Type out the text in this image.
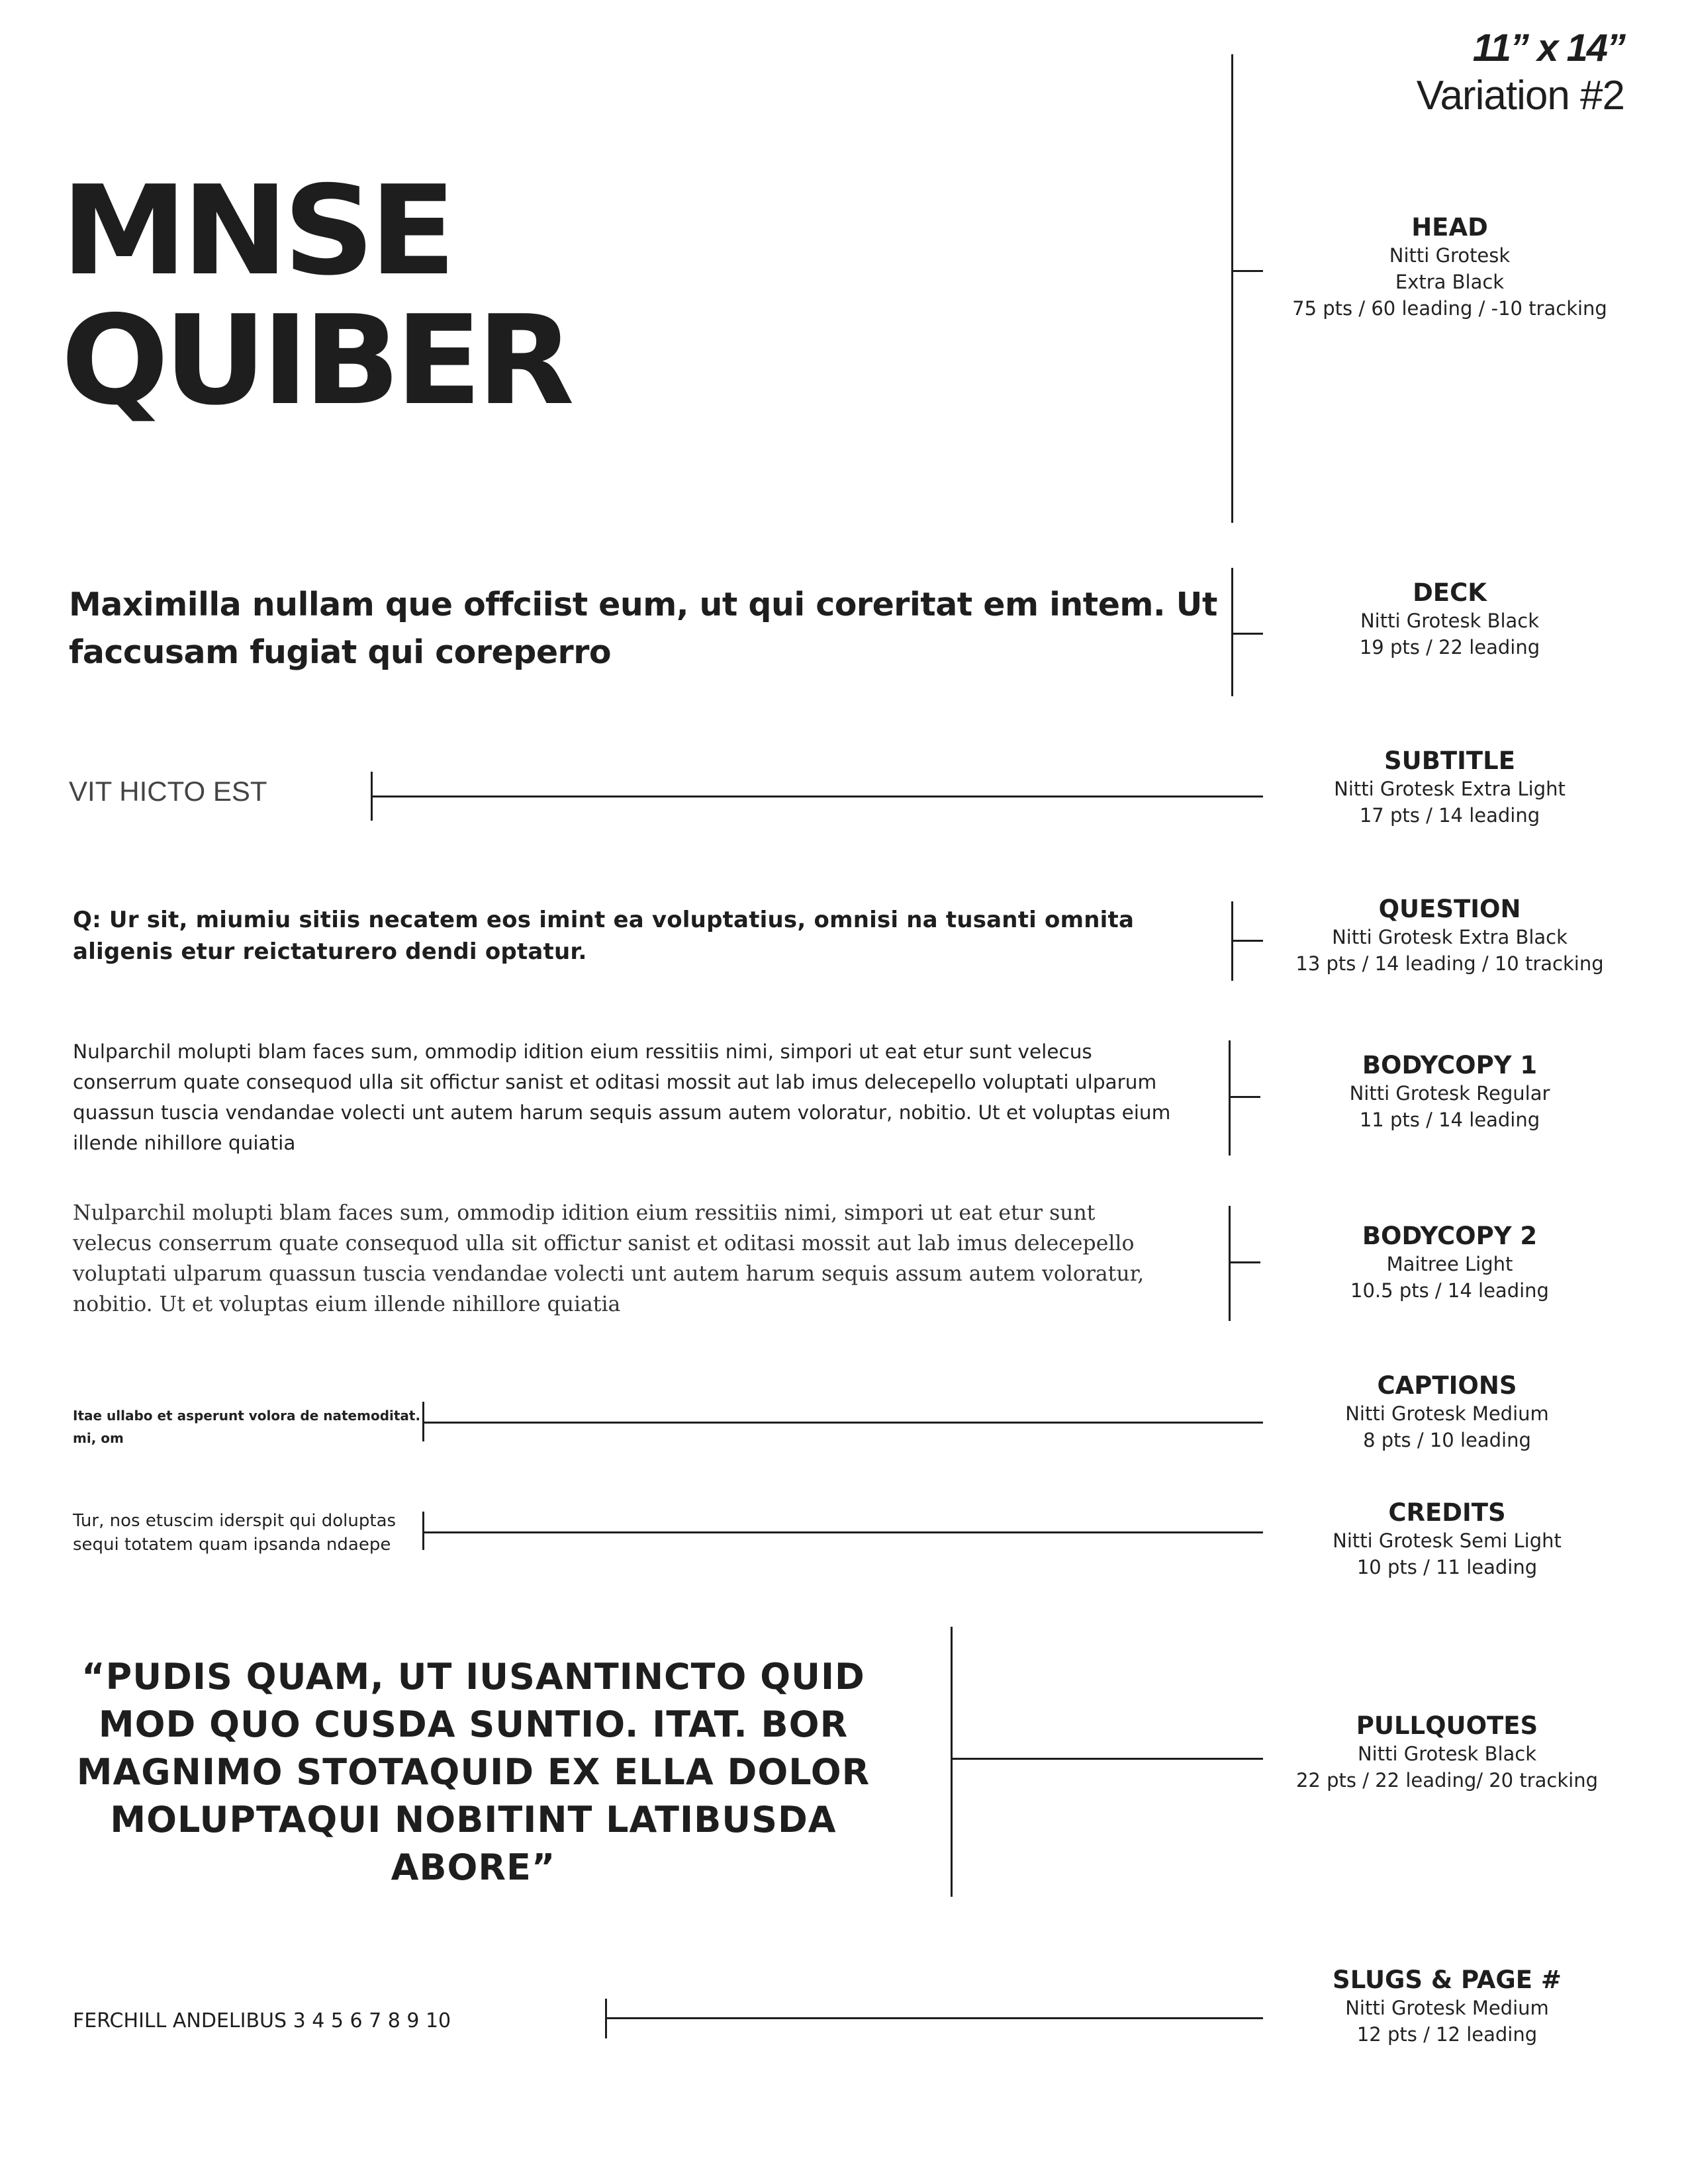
11” x 14”
Variation #2
MNSE
QUIBER
Maximilla nullam que offciist eum, ut qui coreritat em intem. Ut faccusam fugiat qui coreperro
VIT HICTO EST
Q: Ur sit, miumiu sitiis necatem eos imint ea voluptatius, omnisi na tusanti omnita aligenis etur reictaturero dendi optatur.
Nulparchil molupti blam faces sum, ommodip idition eium ressitiis nimi, simpori ut eat etur sunt velecus conserrum quate consequod ulla sit offictur sanist et oditasi mossit aut lab imus delecepello voluptati ulparum quassun tuscia vendandae volecti unt autem harum sequis assum autem voloratur, nobitio. Ut et voluptas eium illende nihillore quiatia
Nulparchil molupti blam faces sum, ommodip idition eium ressitiis nimi, simpori ut eat etur sunt velecus conserrum quate consequod ulla sit offictur sanist et oditasi mossit aut lab imus delecepello voluptati ulparum quassun tuscia vendandae volecti unt autem harum sequis assum autem voloratur, nobitio. Ut et voluptas eium illende nihillore quiatia
Itae ullabo et asperunt volora de natemoditat. mi, om
Tur, nos etuscim iderspit qui doluptas sequi totatem quam ipsanda ndaepe
“PUDIS QUAM, UT IUSANTINCTO QUID MOD QUO CUSDA SUNTIO. ITAT. BOR MAGNIMO STOTAQUID EX ELLA DOLOR MOLUPTAQUI NOBITINT LATIBUSDA ABORE”
FERCHILL ANDELIBUS 3 4 5 6 7 8 9 10
HEAD
Nitti Grotesk
Extra Black
75 pts / 60 leading / -10 tracking
DECK
Nitti Grotesk Black
19 pts / 22 leading
SUBTITLE
Nitti Grotesk Extra Light
17 pts / 14 leading
QUESTION
Nitti Grotesk Extra Black
13 pts / 14 leading / 10 tracking
BODYCOPY 1
Nitti Grotesk Regular
11 pts / 14 leading
BODYCOPY 2
Maitree Light
10.5 pts / 14 leading
CAPTIONS
Nitti Grotesk Medium
8 pts / 10 leading
CREDITS
Nitti Grotesk Semi Light
10 pts / 11 leading
PULLQUOTES
Nitti Grotesk Black
22 pts / 22 leading/ 20 tracking
SLUGS & PAGE #
Nitti Grotesk Medium
12 pts / 12 leading
